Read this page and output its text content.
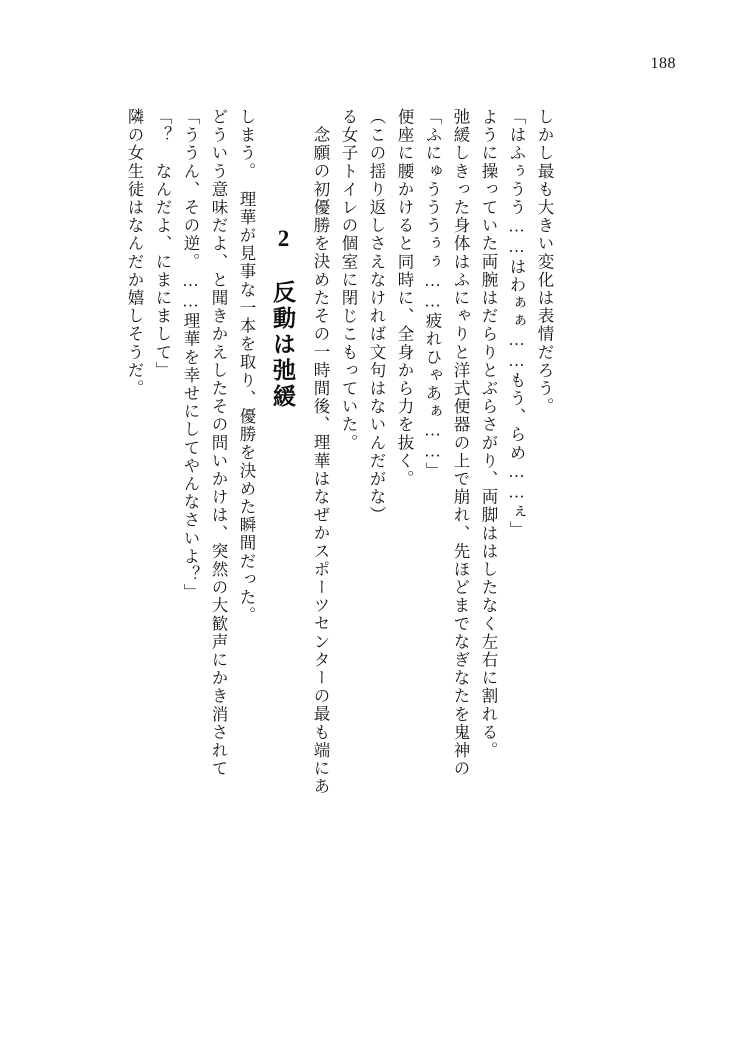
188
隣の女生徒はなんだか嬉しそうだ。 「？　なんだよ、にまにまして」 「ううん、その逆。……理華を幸せにしてやんなさいよ？」 どういう意味だよ、と聞きかえしたその問いかけは、突然の大歓声にかき消されて しまう。　理華が見事な一本を取り、優勝を決めた瞬間だった。 2　反動は弛緩 念願の初優勝を決めたその一時間後、理華はなぜかスポーツセンターの最も端にあ る女子トイレの個室に閉じこもっていた。 （この揺り返しさえなければ文句はないんだがな） 便座に腰かけると同時に、全身から力を抜く。 「ふにゅうううぅぅ……疲れひゃあぁ……」 弛緩しきった身体はふにゃりと洋式便器の上で崩れ、先ほどまでなぎなたを鬼神の ように操っていた両腕はだらりとぶらさがり、両脚ははしたなく左右に割れる。 「はふぅうう……はわぁぁ……もう、らめ……ぇ」 しかし最も大きい変化は表情だろう。
